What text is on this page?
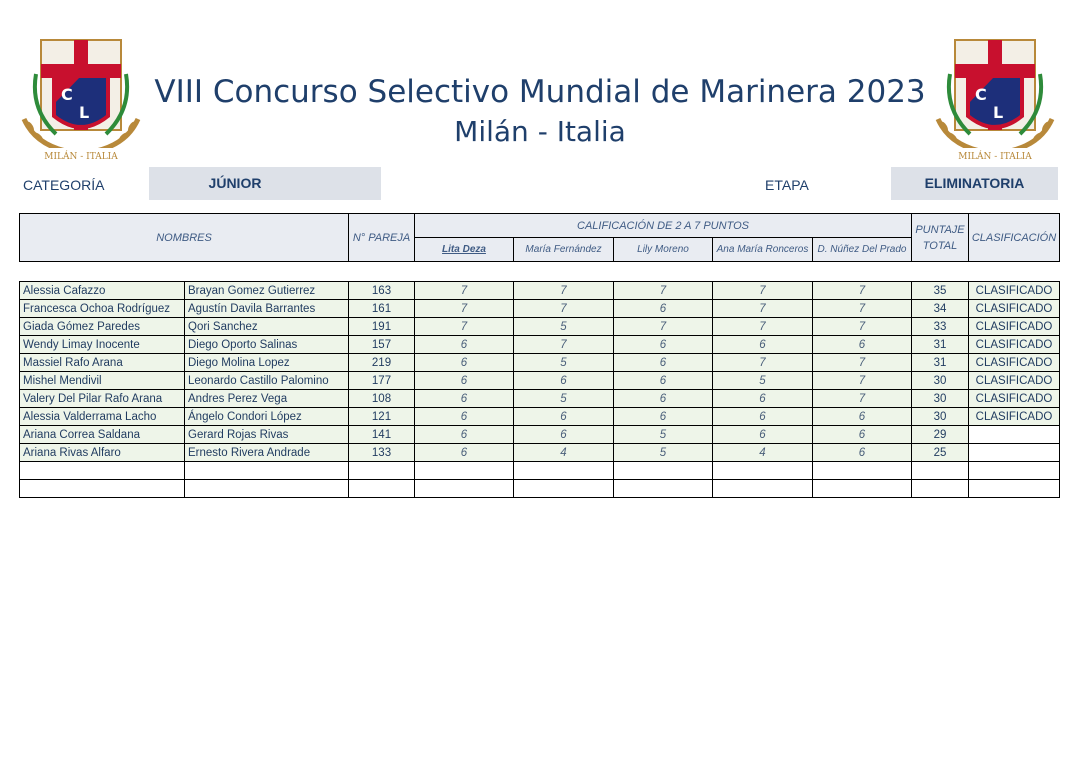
C
L
MILÁN - ITALIA
C
L
MILÁN - ITALIA
VIII Concurso Selectivo Mundial de Marinera 2023
Milán - Italia
CATEGORÍA	JÚNIOR	ETAPA	ELIMINATORIA
NOMBRES	N° PAREJA	CALIFICACIÓN DE 2 A 7 PUNTOS					PUNTAJE TOTAL	CLASIFICACIÓN
		Lita Deza	María Fernández	Lily Moreno	Ana María Ronceros	D. Núñez Del Prado		
Alessia Cafazzo	Brayan Gomez Gutierrez	163	7	7	7	7	7	35	CLASIFICADO
Francesca Ochoa Rodríguez	Agustín Davila Barrantes	161	7	7	6	7	7	34	CLASIFICADO
Giada Gómez Paredes	Qori Sanchez	191	7	5	7	7	7	33	CLASIFICADO
Wendy Limay Inocente	Diego Oporto Salinas	157	6	7	6	6	6	31	CLASIFICADO
Massiel Rafo Arana	Diego Molina Lopez	219	6	5	6	7	7	31	CLASIFICADO
Mishel Mendivil	Leonardo Castillo Palomino	177	6	6	6	5	7	30	CLASIFICADO
Valery Del Pilar Rafo Arana	Andres Perez Vega	108	6	5	6	6	7	30	CLASIFICADO
Alessia Valderrama Lacho	Ángelo Condori López	121	6	6	6	6	6	30	CLASIFICADO
Ariana Correa Saldana	Gerard Rojas Rivas	141	6	6	5	6	6	29	
Ariana Rivas Alfaro	Ernesto Rivera Andrade	133	6	4	5	4	6	25	
